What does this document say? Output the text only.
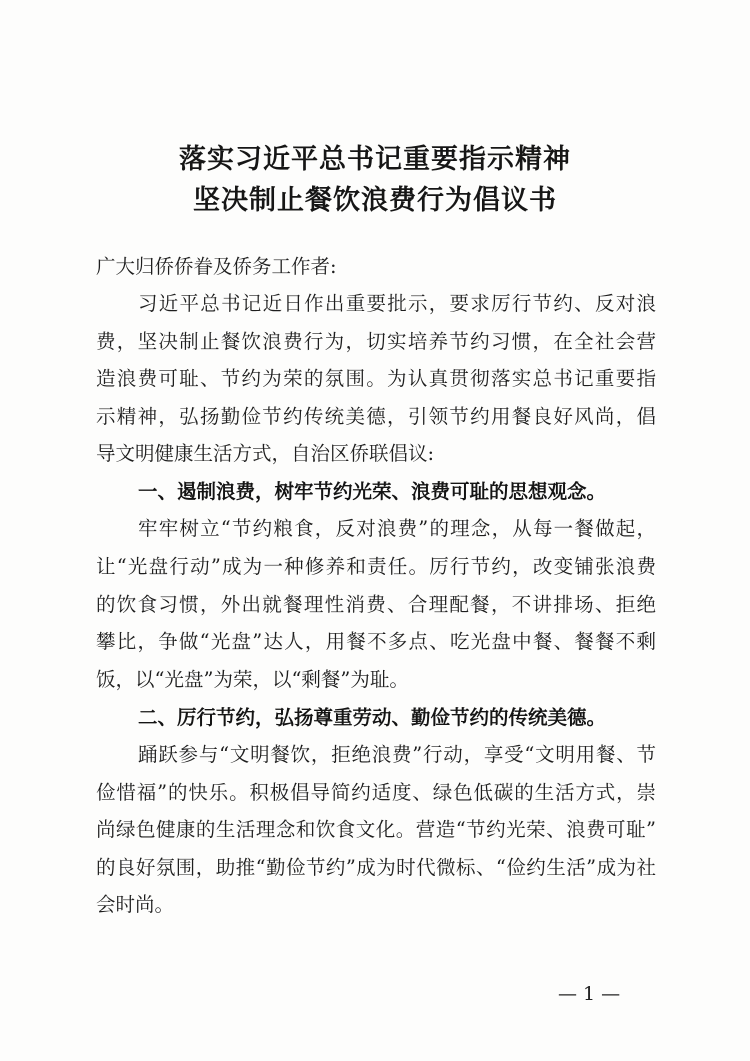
落实习近平总书记重要指示精神
坚决制止餐饮浪费行为倡议书
广大归侨侨眷及侨务工作者:
习近平总书记近日作出重要批示，要求厉行节约、反对浪
费，坚决制止餐饮浪费行为，切实培养节约习惯，在全社会营
造浪费可耻、节约为荣的氛围。为认真贯彻落实总书记重要指
示精神，弘扬勤俭节约传统美德，引领节约用餐良好风尚，倡
导文明健康生活方式，自治区侨联倡议:
一、遏制浪费，树牢节约光荣、浪费可耻的思想观念。
牢牢树立“节约粮食，反对浪费”的理念，从每一餐做起，
让“光盘行动”成为一种修养和责任。厉行节约，改变铺张浪费
的饮食习惯，外出就餐理性消费、合理配餐，不讲排场、拒绝
攀比，争做“光盘”达人，用餐不多点、吃光盘中餐、餐餐不剩
饭，以“光盘”为荣，以“剩餐”为耻。
二、厉行节约，弘扬尊重劳动、勤俭节约的传统美德。
踊跃参与“文明餐饮，拒绝浪费”行动，享受“文明用餐、节
俭惜福”的快乐。积极倡导简约适度、绿色低碳的生活方式，崇
尚绿色健康的生活理念和饮食文化。营造“节约光荣、浪费可耻”
的良好氛围，助推“勤俭节约”成为时代微标、“俭约生活”成为社
会时尚。
— 1 —
